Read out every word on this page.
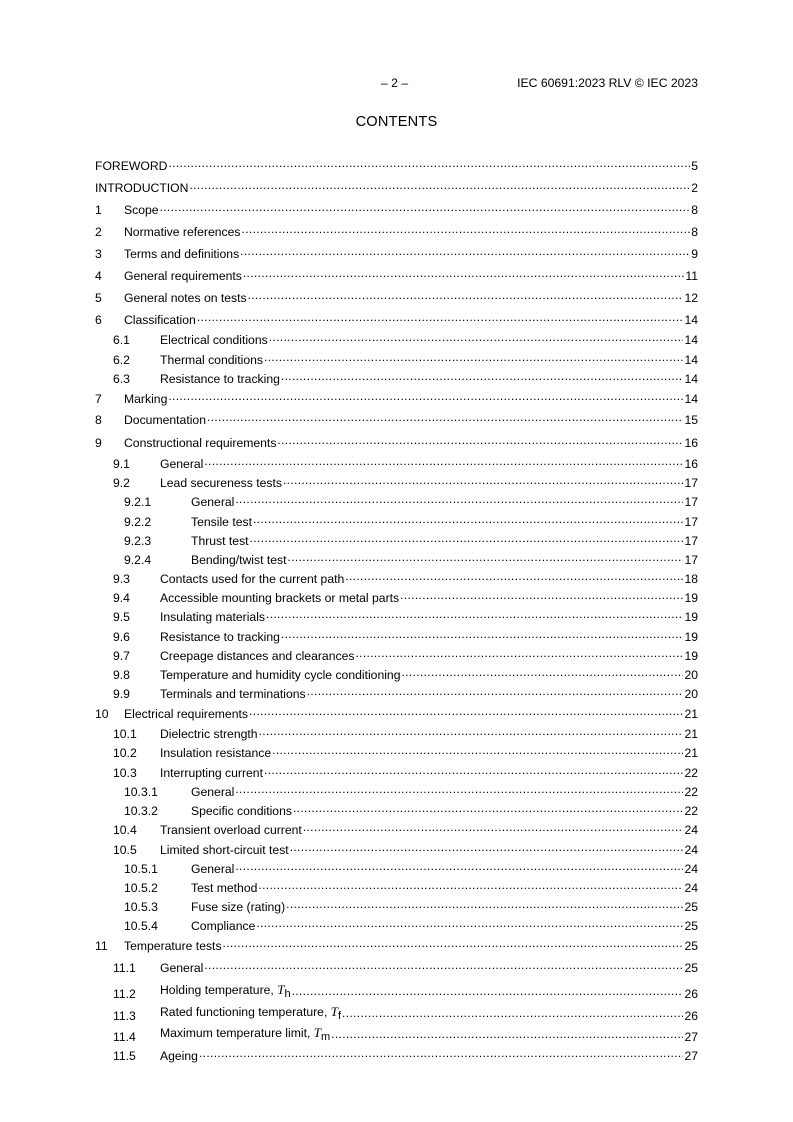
– 2 –	IEC 60691:2023 RLV © IEC 2023
CONTENTS
FOREWORD .....	5
INTRODUCTION .....	2
1	Scope .....	8
2	Normative references .....	8
3	Terms and definitions .....	9
4	General requirements .....	11
5	General notes on tests .....	12
6	Classification .....	14
6.1	Electrical conditions .....	14
6.2	Thermal conditions .....	14
6.3	Resistance to tracking .....	14
7	Marking .....	14
8	Documentation .....	15
9	Constructional requirements .....	16
9.1	General .....	16
9.2	Lead secureness tests .....	17
9.2.1	General .....	17
9.2.2	Tensile test .....	17
9.2.3	Thrust test .....	17
9.2.4	Bending/twist test .....	17
9.3	Contacts used for the current path .....	18
9.4	Accessible mounting brackets or metal parts .....	19
9.5	Insulating materials .....	19
9.6	Resistance to tracking .....	19
9.7	Creepage distances and clearances .....	19
9.8	Temperature and humidity cycle conditioning .....	20
9.9	Terminals and terminations .....	20
10	Electrical requirements .....	21
10.1	Dielectric strength .....	21
10.2	Insulation resistance .....	21
10.3	Interrupting current .....	22
10.3.1	General .....	22
10.3.2	Specific conditions .....	22
10.4	Transient overload current .....	24
10.5	Limited short-circuit test .....	24
10.5.1	General .....	24
10.5.2	Test method .....	24
10.5.3	Fuse size (rating) .....	25
10.5.4	Compliance .....	25
11	Temperature tests .....	25
11.1	General .....	25
11.2	Holding temperature, $T_h$ .....	26
11.3	Rated functioning temperature, $T_f$ .....	26
11.4	Maximum temperature limit, $T_m$ .....	27
11.5	Ageing .....	27
